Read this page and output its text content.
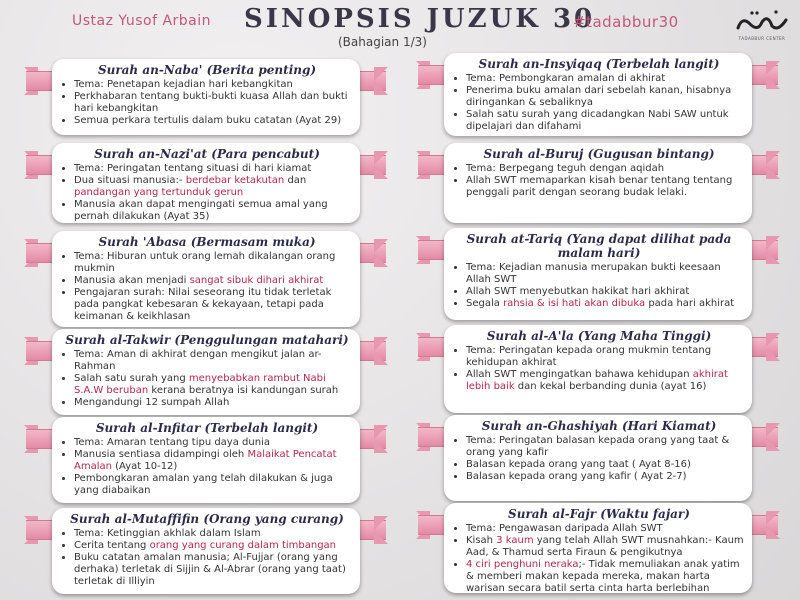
Ustaz Yusof Arbain SINOPSIS JUZUK 30
(Bahagian 1/3)
#tadabbur30
TADABBUR CENTER
Surah an-Naba' (Berita penting)
• Tema: Penetapan kejadian hari kebangkitan
• Perkhabaran tentang bukti-bukti kuasa Allah dan bukti hari kebangkitan
• Semua perkara tertulis dalam buku catatan (Ayat 29)
Surah an-Nazi'at (Para pencabut)
• Tema: Peringatan tentang situasi di hari kiamat
• Dua situasi manusia:- berdebar ketakutan dan pandangan yang tertunduk gerun
• Manusia akan dapat mengingati semua amal yang pernah dilakukan (Ayat 35)
Surah 'Abasa (Bermasam muka)
• Tema: Hiburan untuk orang lemah dikalangan orang mukmin
• Manusia akan menjadi sangat sibuk dihari akhirat
• Pengajaran surah: Nilai seseorang itu tidak terletak pada pangkat kebesaran & kekayaan, tetapi pada keimanan & keikhlasan
Surah al-Takwir (Penggulungan matahari)
• Tema: Aman di akhirat dengan mengikut jalan ar-Rahman
• Salah satu surah yang menyebabkan rambut Nabi S.A.W beruban kerana beratnya isi kandungan surah
• Mengandungi 12 sumpah Allah
Surah al-Infitar (Terbelah langit)
• Tema: Amaran tentang tipu daya dunia
• Manusia sentiasa didampingi oleh Malaikat Pencatat Amalan (Ayat 10-12)
• Pembongkaran amalan yang telah dilakukan & juga yang diabaikan
Surah al-Mutaffifin (Orang yang curang)
• Tema: Ketinggian akhlak dalam Islam
• Cerita tentang orang yang curang dalam timbangan
• Buku catatan amalan manusia; Al-Fujjar (orang yang derhaka) terletak di Sijjin & Al-Abrar (orang yang taat) terletak di Illiyin
Surah an-Insyiqaq (Terbelah langit)
• Tema: Pembongkaran amalan di akhirat
• Penerima buku amalan dari sebelah kanan, hisabnya diringankan & sebaliknya
• Salah satu surah yang dicadangkan Nabi SAW untuk dipelajari dan difahami
Surah al-Buruj (Gugusan bintang)
• Tema: Berpegang teguh dengan aqidah
• Allah SWT memaparkan kisah benar tentang tentang penggali parit dengan seorang budak lelaki.
Surah at-Tariq (Yang dapat dilihat pada malam hari)
• Tema: Kejadian manusia merupakan bukti keesaan Allah SWT
• Allah SWT menyebutkan hakikat hari akhirat
• Segala rahsia & isi hati akan dibuka pada hari akhirat
Surah al-A'la (Yang Maha Tinggi)
• Tema: Peringatan kepada orang mukmin tentang kehidupan akhirat
• Allah SWT mengingatkan bahawa kehidupan akhirat lebih baik dan kekal berbanding dunia (ayat 16)
Surah an-Ghashiyah (Hari Kiamat)
• Tema: Peringatan balasan kepada orang yang taat & orang yang kafir
• Balasan kepada orang yang taat ( Ayat 8-16)
• Balasan kepada orang yang kafir ( Ayat 2-7)
Surah al-Fajr (Waktu fajar)
• Tema: Pengawasan daripada Allah SWT
• Kisah 3 kaum yang telah Allah SWT musnahkan:- Kaum Aad, & Thamud serta Firaun & pengikutnya
• 4 ciri penghuni neraka;- Tidak memuliakan anak yatim & memberi makan kepada mereka, makan harta warisan secara batil serta cinta harta berlebihan
